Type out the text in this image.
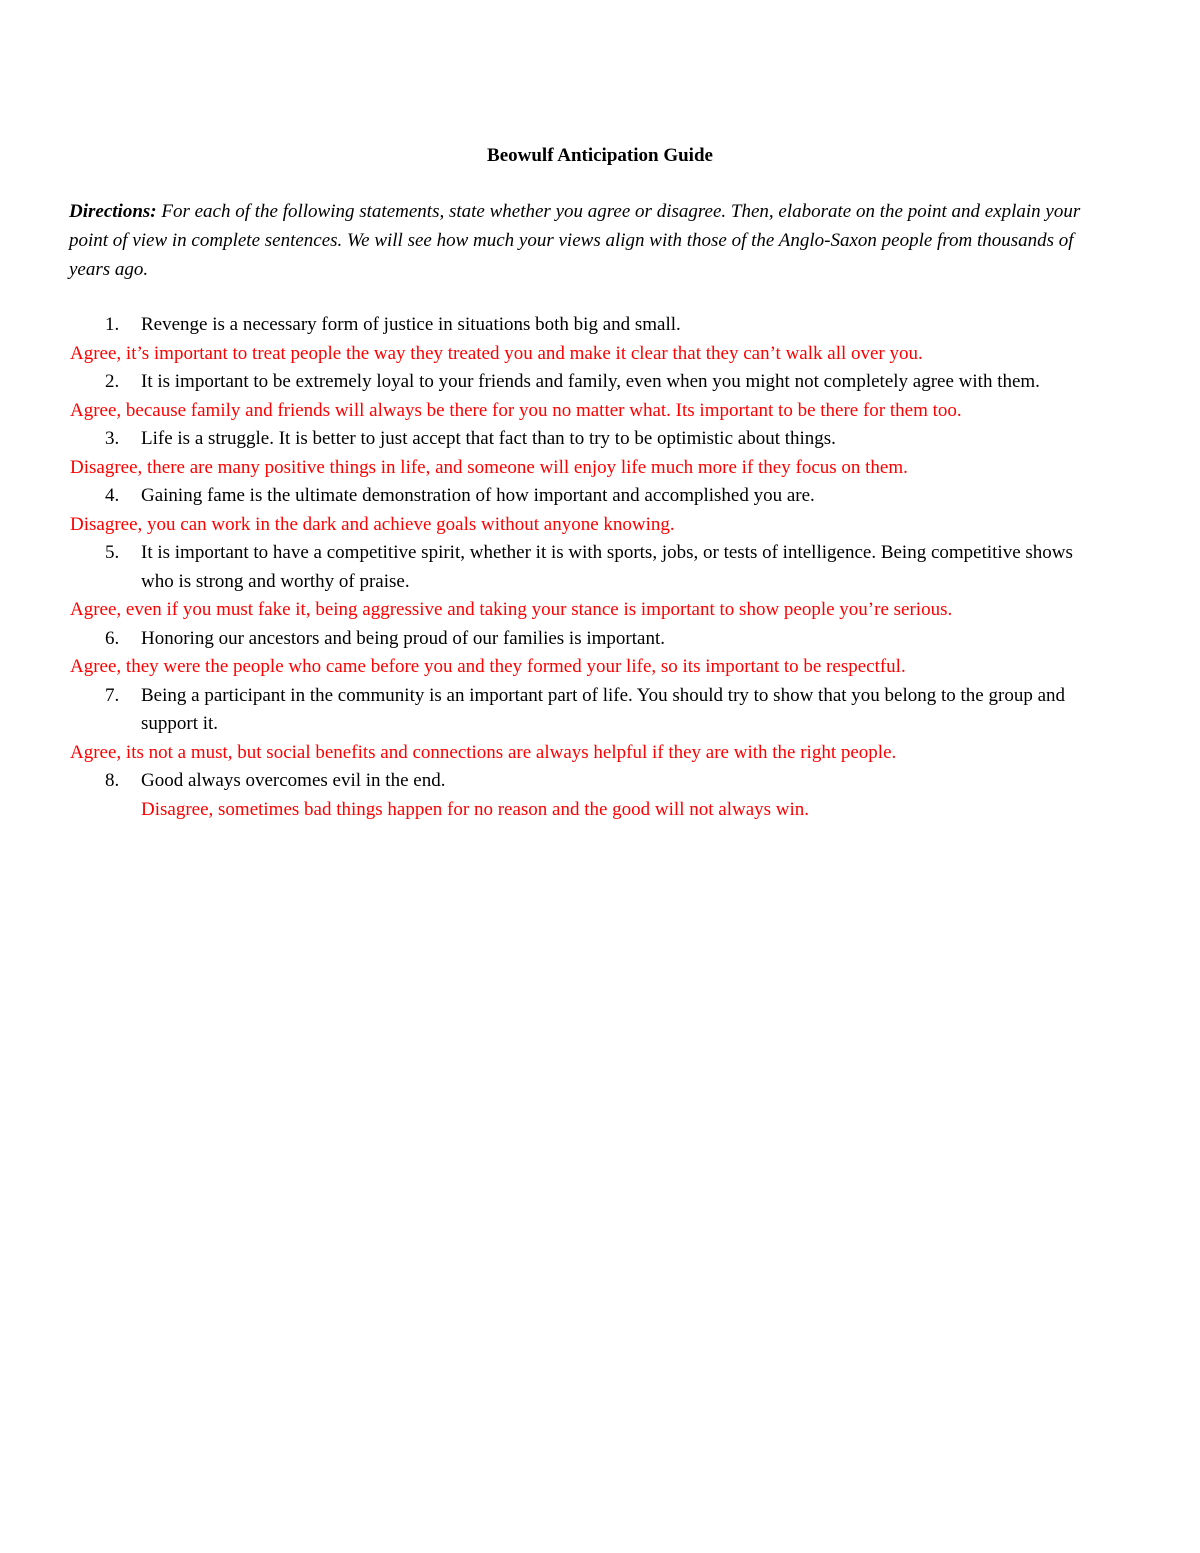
Beowulf Anticipation Guide
Directions: For each of the following statements, state whether you agree or disagree. Then, elaborate on the point and explain your point of view in complete sentences. We will see how much your views align with those of the Anglo-Saxon people from thousands of years ago.
1.	Revenge is a necessary form of justice in situations both big and small.
Agree, it’s important to treat people the way they treated you and make it clear that they can’t walk all over you.
2.	It is important to be extremely loyal to your friends and family, even when you might not completely agree with them.
Agree, because family and friends will always be there for you no matter what. Its important to be there for them too.
3.	Life is a struggle. It is better to just accept that fact than to try to be optimistic about things.
Disagree, there are many positive things in life, and someone will enjoy life much more if they focus on them.
4.	Gaining fame is the ultimate demonstration of how important and accomplished you are.
Disagree, you can work in the dark and achieve goals without anyone knowing.
5.	It is important to have a competitive spirit, whether it is with sports, jobs, or tests of intelligence. Being competitive shows who is strong and worthy of praise.
Agree, even if you must fake it, being aggressive and taking your stance is important to show people you’re serious.
6.	Honoring our ancestors and being proud of our families is important.
Agree, they were the people who came before you and they formed your life, so its important to be respectful.
7.	Being a participant in the community is an important part of life. You should try to show that you belong to the group and support it.
Agree, its not a must, but social benefits and connections are always helpful if they are with the right people.
8.	Good always overcomes evil in the end.
Disagree, sometimes bad things happen for no reason and the good will not always win.
